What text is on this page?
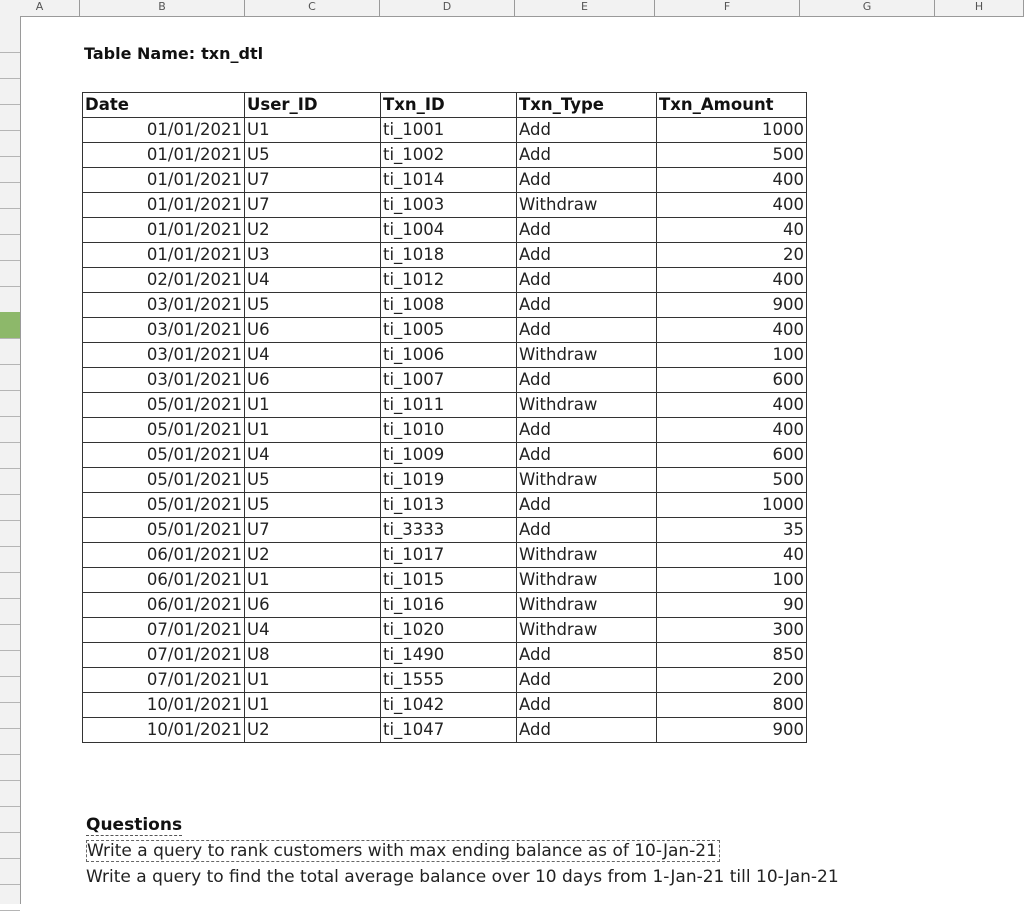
A	B	C	D	E	F	G	H
Table Name: txn_dtl
Date	User_ID	Txn_ID	Txn_Type	Txn_Amount
01/01/2021	U1	ti_1001	Add	1000
01/01/2021	U5	ti_1002	Add	500
01/01/2021	U7	ti_1014	Add	400
01/01/2021	U7	ti_1003	Withdraw	400
01/01/2021	U2	ti_1004	Add	40
01/01/2021	U3	ti_1018	Add	20
02/01/2021	U4	ti_1012	Add	400
03/01/2021	U5	ti_1008	Add	900
03/01/2021	U6	ti_1005	Add	400
03/01/2021	U4	ti_1006	Withdraw	100
03/01/2021	U6	ti_1007	Add	600
05/01/2021	U1	ti_1011	Withdraw	400
05/01/2021	U1	ti_1010	Add	400
05/01/2021	U4	ti_1009	Add	600
05/01/2021	U5	ti_1019	Withdraw	500
05/01/2021	U5	ti_1013	Add	1000
05/01/2021	U7	ti_3333	Add	35
06/01/2021	U2	ti_1017	Withdraw	40
06/01/2021	U1	ti_1015	Withdraw	100
06/01/2021	U6	ti_1016	Withdraw	90
07/01/2021	U4	ti_1020	Withdraw	300
07/01/2021	U8	ti_1490	Add	850
07/01/2021	U1	ti_1555	Add	200
10/01/2021	U1	ti_1042	Add	800
10/01/2021	U2	ti_1047	Add	900
Questions
Write a query to rank customers with max ending balance as of 10-Jan-21
Write a query to find the total average balance over 10 days from 1-Jan-21 till 10-Jan-21
